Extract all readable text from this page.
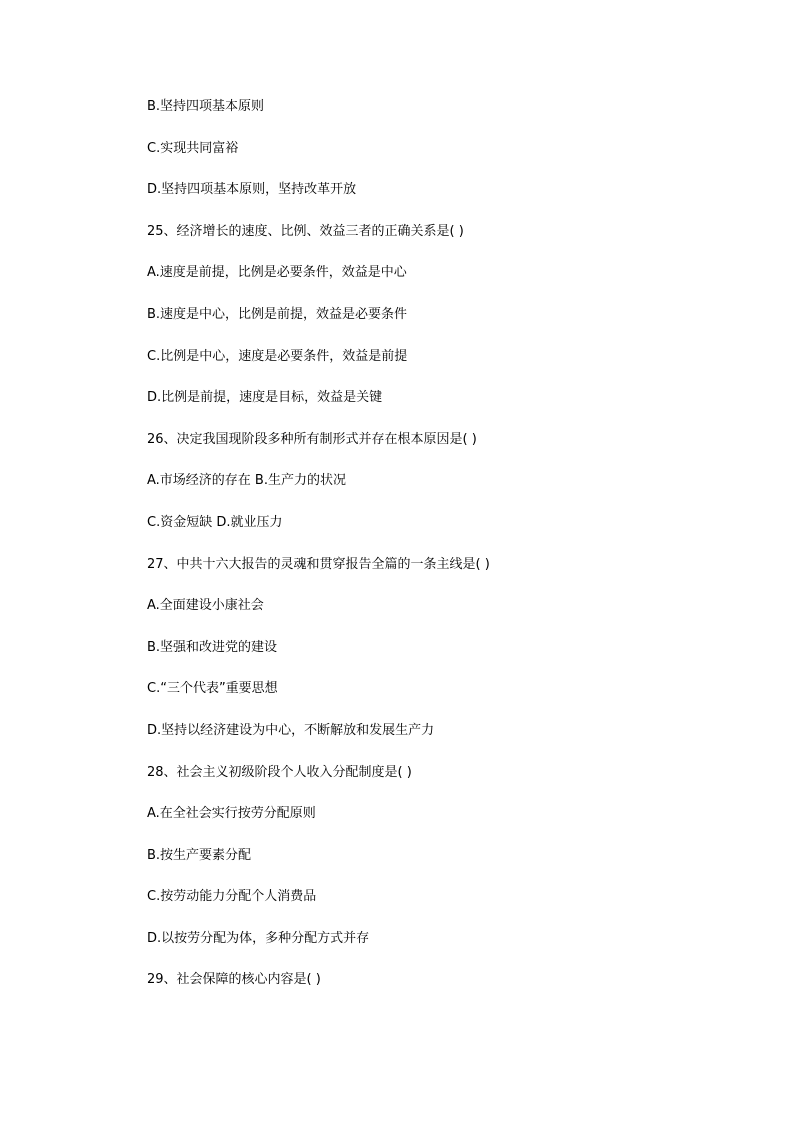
B.坚持四项基本原则
C.实现共同富裕
D.坚持四项基本原则，坚持改革开放
25、经济增长的速度、比例、效益三者的正确关系是( )
A.速度是前提，比例是必要条件，效益是中心
B.速度是中心，比例是前提，效益是必要条件
C.比例是中心，速度是必要条件，效益是前提
D.比例是前提，速度是目标，效益是关键
26、决定我国现阶段多种所有制形式并存在根本原因是( )
A.市场经济的存在 B.生产力的状况
C.资金短缺 D.就业压力
27、中共十六大报告的灵魂和贯穿报告全篇的一条主线是( )
A.全面建设小康社会
B.坚强和改进党的建设
C.“三个代表”重要思想
D.坚持以经济建设为中心，不断解放和发展生产力
28、社会主义初级阶段个人收入分配制度是( )
A.在全社会实行按劳分配原则
B.按生产要素分配
C.按劳动能力分配个人消费品
D.以按劳分配为体，多种分配方式并存
29、社会保障的核心内容是( )
